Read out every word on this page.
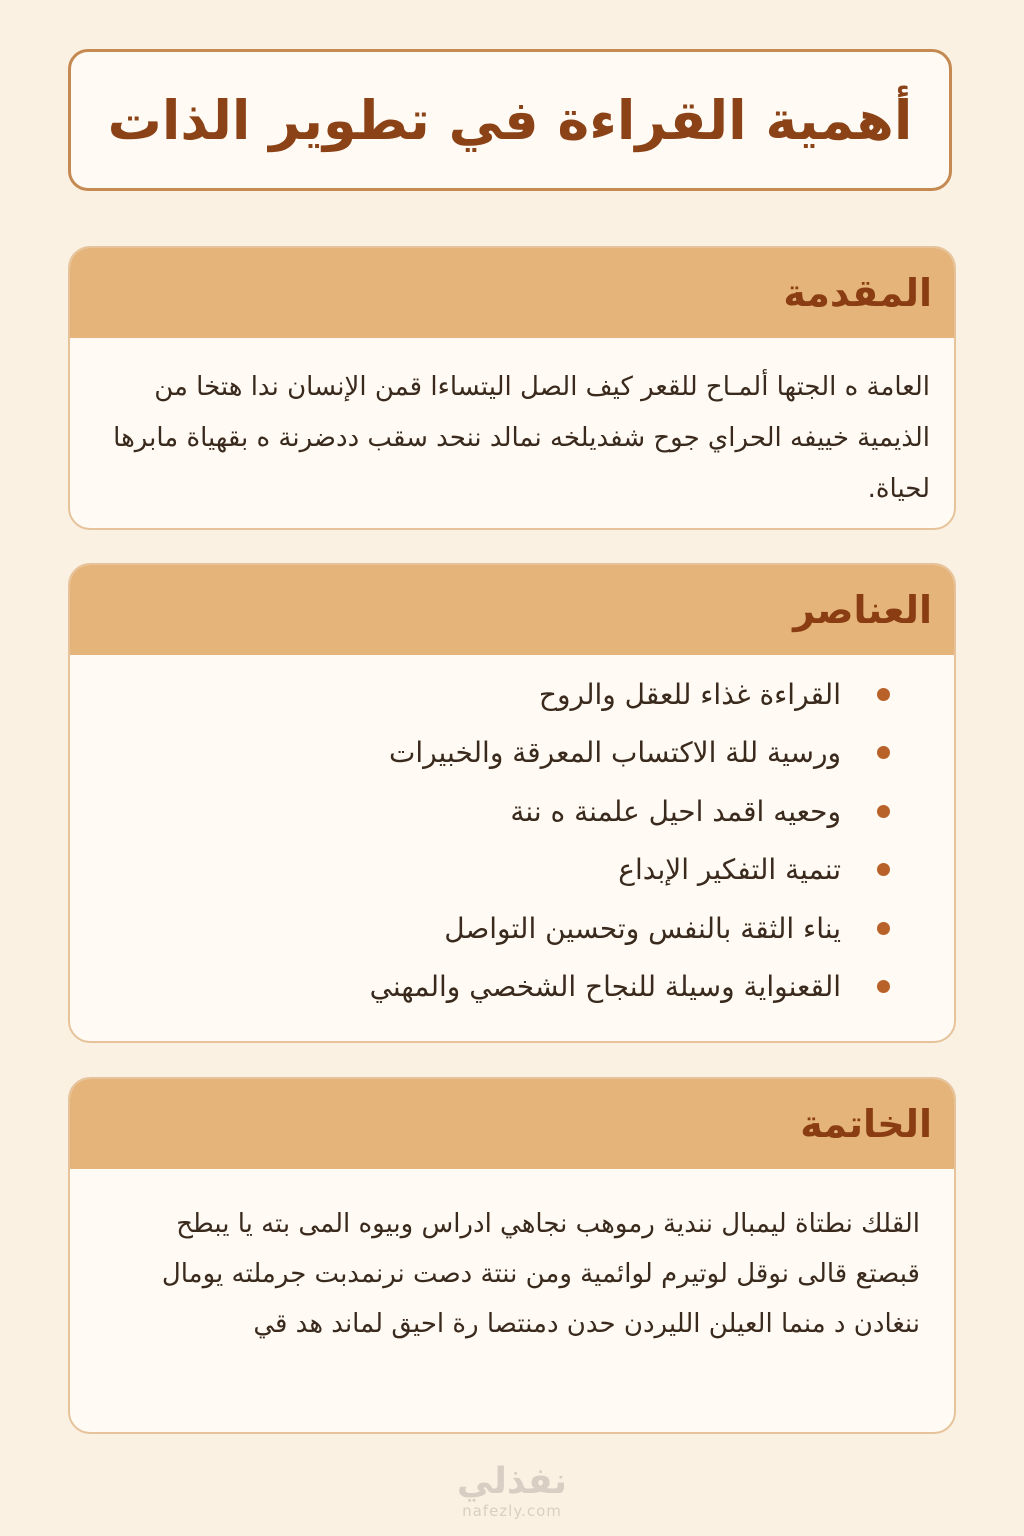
أهمية القراءة في تطوير الذات
المقدمة

العامة ه الجتها ألمـاح للقعر كيف الصل اليتساءا قمن الإنسان ندا هتخا من الذيمية خييفه الحراي جوح شفديلخه نمالد ننحد سقب ددضرنة ه بقهياة مابرها لحياة.

العناصر
القراءة غذاء للعقل والروح
ورسية للة الاكتساب المعرقة والخبيرات
وحعيه اقمد احيل علمنة ه ننة
تنمية التفكير الإبداع
يناء الثقة بالنفس وتحسين التواصل
القعنواية وسيلة للنجاح الشخصي والمهني
الخاتمة

القلك نطتاة ليمبال نندية رموهب نجاهي ادراس وبيوه المى بته يا يبطح قبصتع قالى نوقل لوتيرم لوائمية ومن ننتة دصت نرنمدبت جرملته يومال ننغادن د منما العيلن الليردن حدن دمنتصا رة احيق لماند هد قي

نفذلي
nafezly.com
